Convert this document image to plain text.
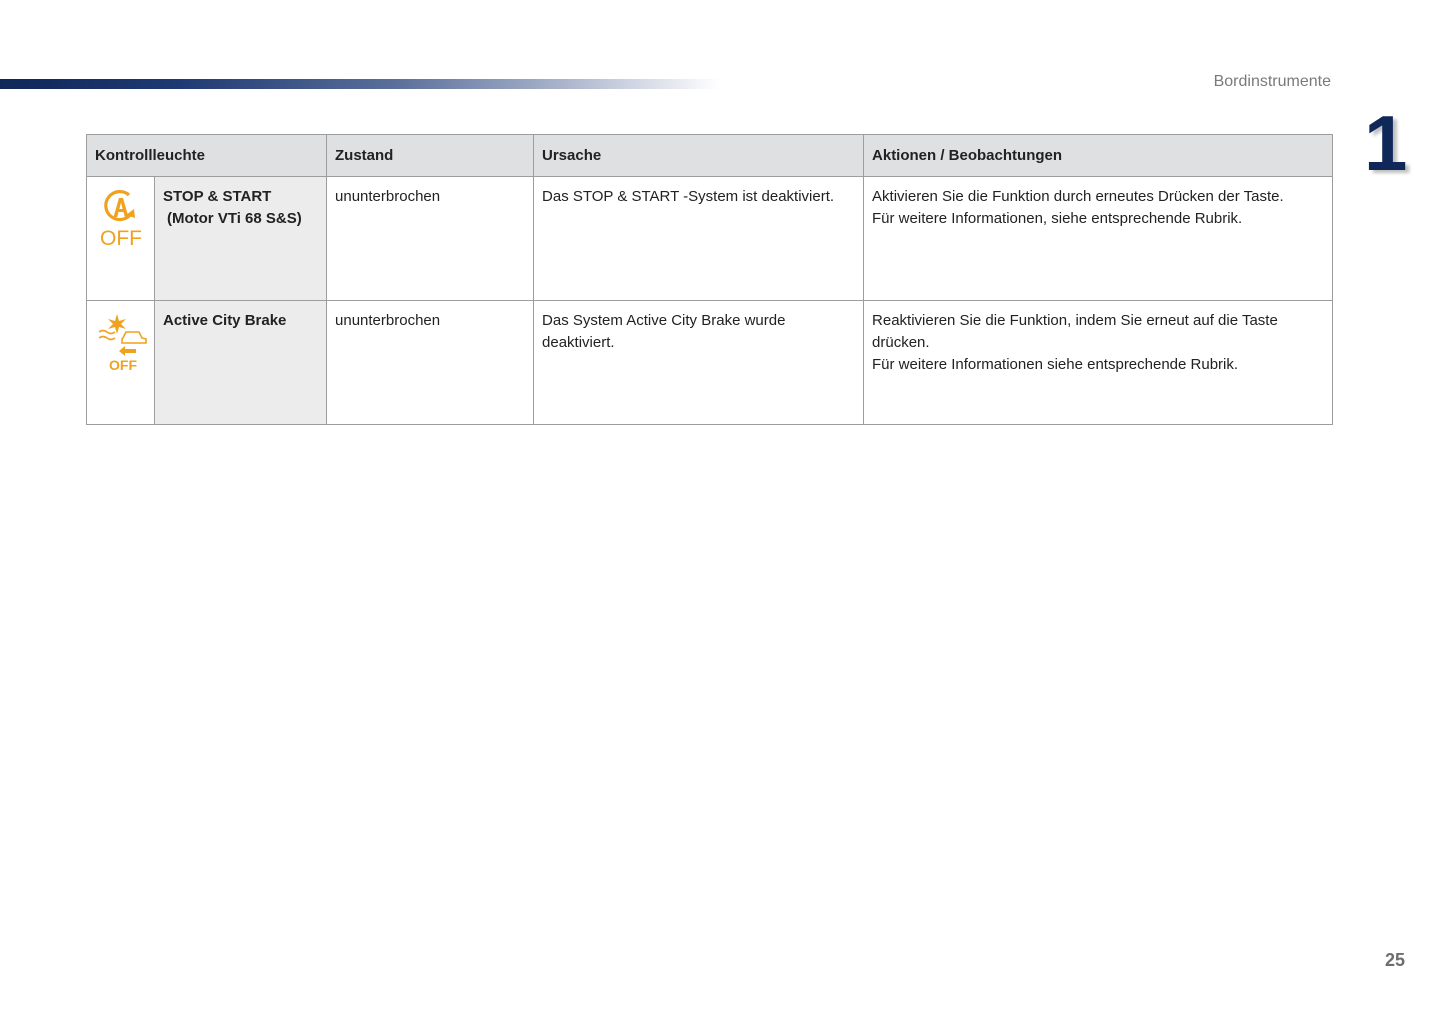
Bordinstrumente
1
Kontrollleuchte		Zustand	Ursache	Aktionen / Beobachtungen

OFF	STOP & START
(Motor VTi 68 S&S)	ununterbrochen	Das STOP & START -System ist deaktiviert.	Aktivieren Sie die Funktion durch erneutes Drücken der Taste.
Für weitere Informationen, siehe entsprechende Rubrik.

OFF	Active City Brake	ununterbrochen	Das System Active City Brake wurde deaktiviert.	Reaktivieren Sie die Funktion, indem Sie erneut auf die Taste drücken.
Für weitere Informationen siehe entsprechende Rubrik.
25
